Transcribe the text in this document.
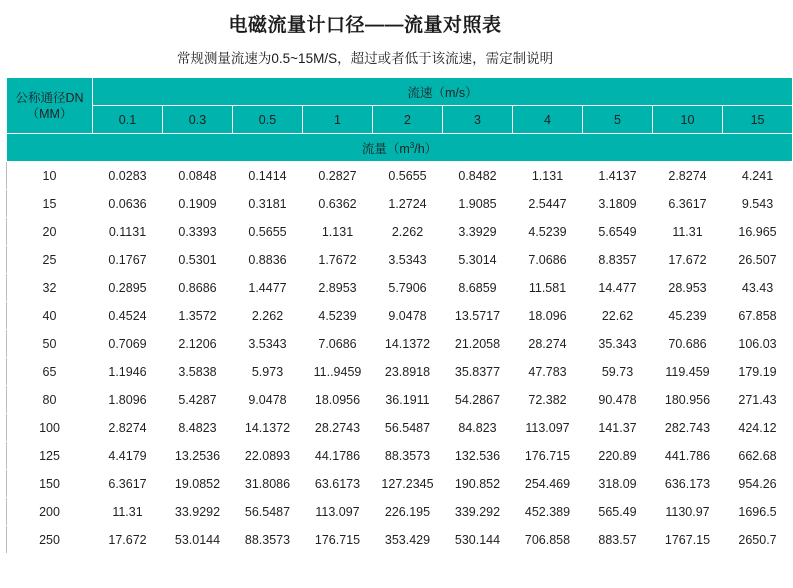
电磁流量计口径——流量对照表
常规测量流速为0.5~15M/S，超过或者低于该流速，需定制说明
公称通径DN
（MM）	流速（m/s）									
	0.1	0.3	0.5	1	2	3	4	5	10	15
流量$(m^3/h)$										
10	0.0283	0.0848	0.1414	0.2827	0.5655	0.8482	1.131	1.4137	2.8274	4.241
15	0.0636	0.1909	0.3181	0.6362	1.2724	1.9085	2.5447	3.1809	6.3617	9.543
20	0.1131	0.3393	0.5655	1.131	2.262	3.3929	4.5239	5.6549	11.31	16.965
25	0.1767	0.5301	0.8836	1.7672	3.5343	5.3014	7.0686	8.8357	17.672	26.507
32	0.2895	0.8686	1.4477	2.8953	5.7906	8.6859	11.581	14.477	28.953	43.43
40	0.4524	1.3572	2.262	4.5239	9.0478	13.5717	18.096	22.62	45.239	67.858
50	0.7069	2.1206	3.5343	7.0686	14.1372	21.2058	28.274	35.343	70.686	106.03
65	1.1946	3.5838	5.973	11..9459	23.8918	35.8377	47.783	59.73	119.459	179.19
80	1.8096	5.4287	9.0478	18.0956	36.1911	54.2867	72.382	90.478	180.956	271.43
100	2.8274	8.4823	14.1372	28.2743	56.5487	84.823	113.097	141.37	282.743	424.12
125	4.4179	13.2536	22.0893	44.1786	88.3573	132.536	176.715	220.89	441.786	662.68
150	6.3617	19.0852	31.8086	63.6173	127.2345	190.852	254.469	318.09	636.173	954.26
200	11.31	33.9292	56.5487	113.097	226.195	339.292	452.389	565.49	1130.97	1696.5
250	17.672	53.0144	88.3573	176.715	353.429	530.144	706.858	883.57	1767.15	2650.7
